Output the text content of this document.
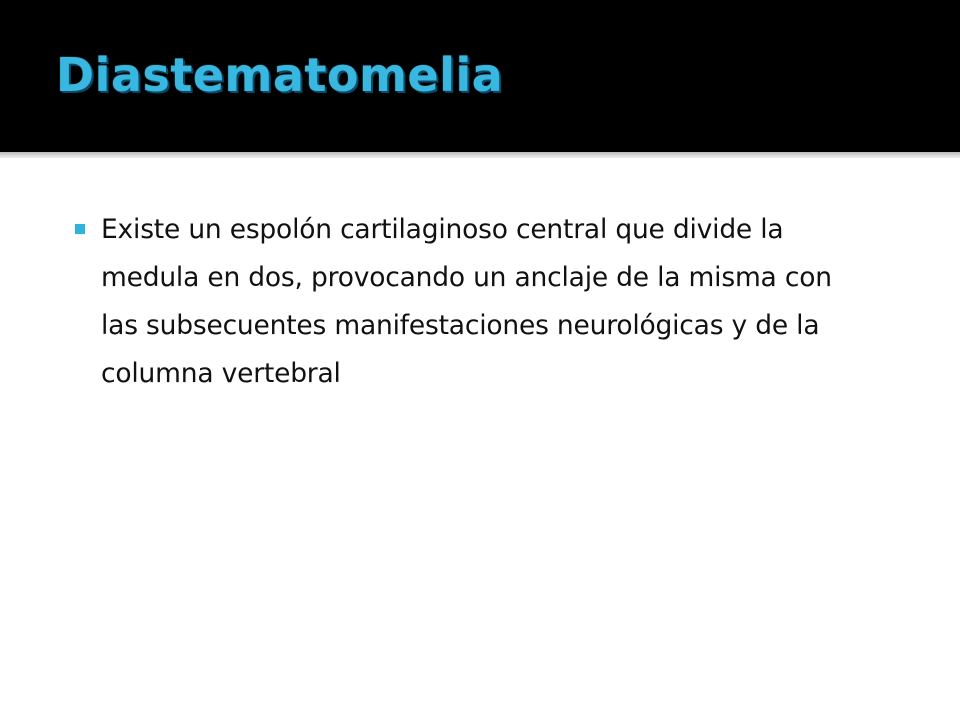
Diastematomelia

Existe un espolón cartilaginoso central que divide la medula en dos, provocando un anclaje de la misma con las subsecuentes manifestaciones neurológicas y de la columna vertebral
